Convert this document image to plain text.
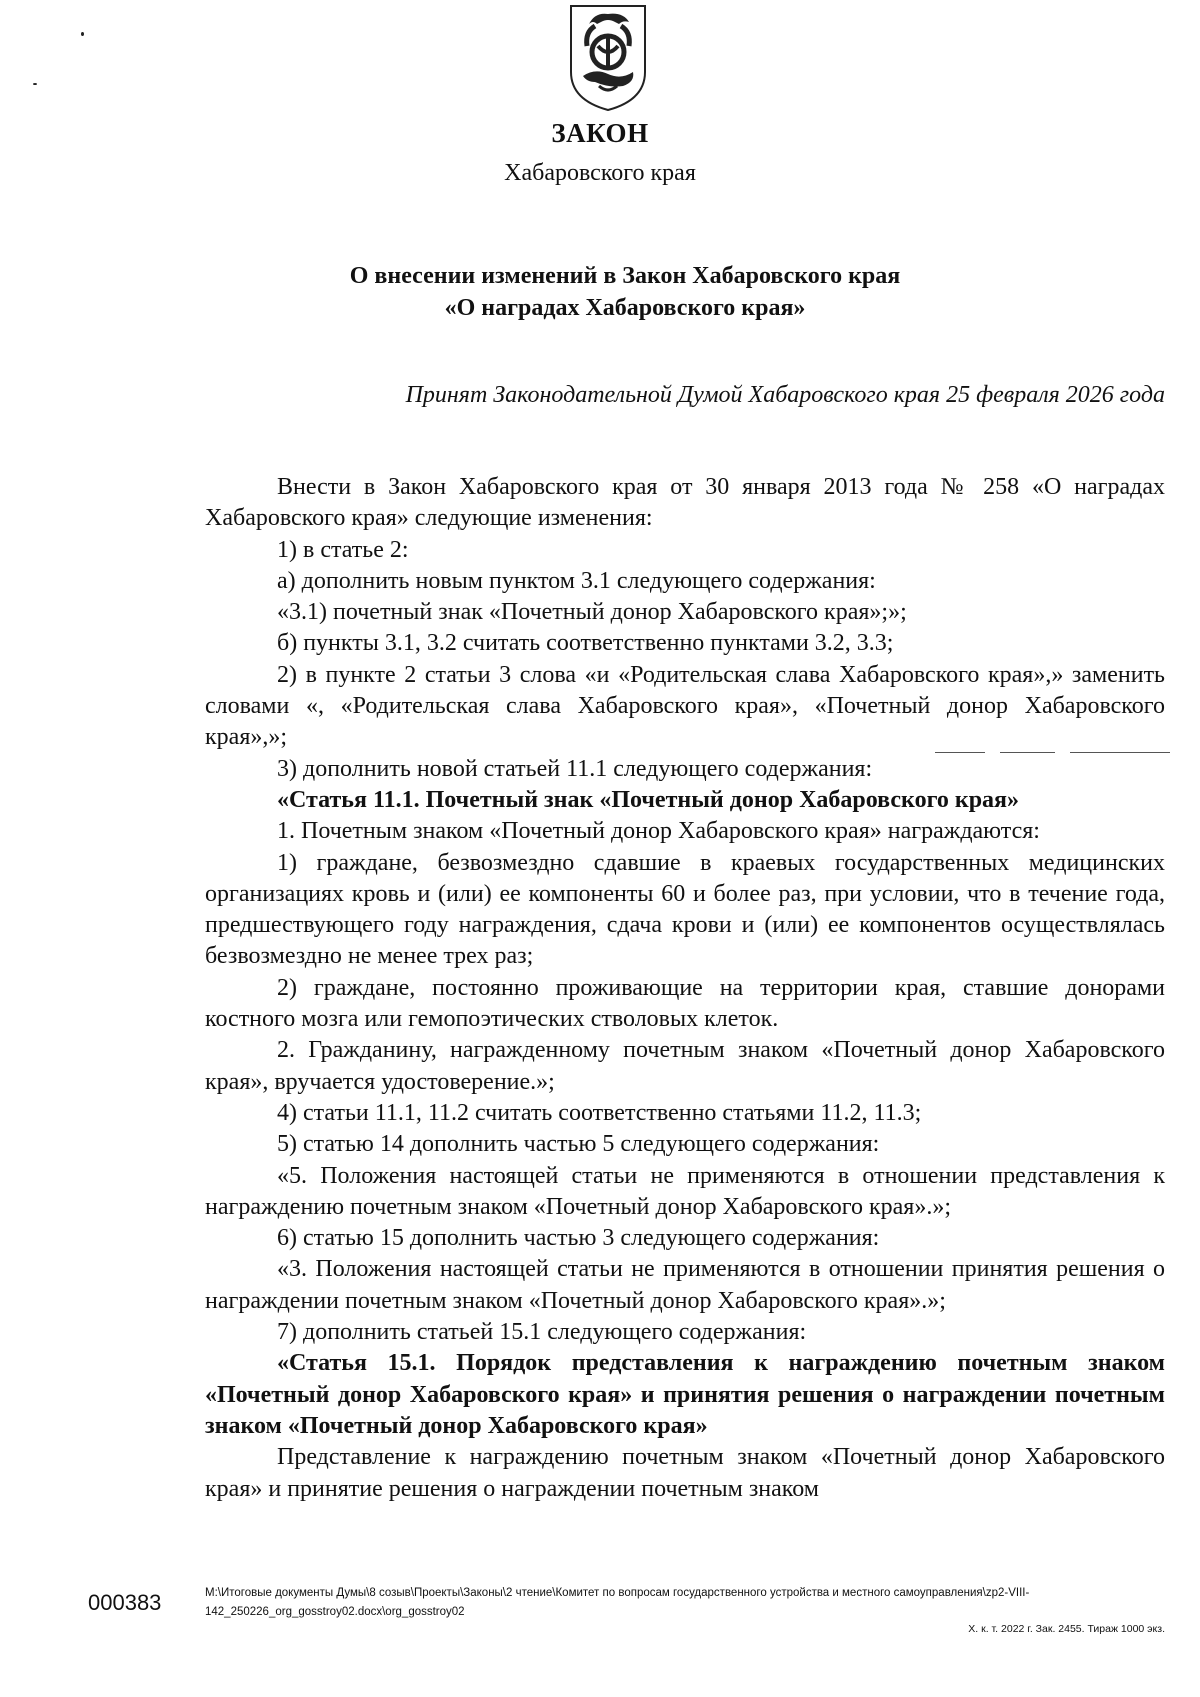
ЗАКОН
Хабаровского края
О внесении изменений в Закон Хабаровского края
«О наградах Хабаровского края»
Принят Законодательной Думой Хабаровского края 25 февраля 2026 года

Внести в Закон Хабаровского края от 30 января 2013 года № 258 «О наградах Хабаровского края» следующие изменения:

1) в статье 2:

а) дополнить новым пунктом 3.1 следующего содержания:

«3.1) почетный знак «Почетный донор Хабаровского края»;»;

б) пункты 3.1, 3.2 считать соответственно пунктами 3.2, 3.3;

2) в пункте 2 статьи 3 слова «и «Родительская слава Хабаровского края»,» заменить словами «, «Родительская слава Хабаровского края», «Почетный донор Хабаровского края»,»;

3) дополнить новой статьей 11.1 следующего содержания:

«Статья 11.1. Почетный знак «Почетный донор Хабаровского края»

1. Почетным знаком «Почетный донор Хабаровского края» награждаются:

1) граждане, безвозмездно сдавшие в краевых государственных медицинских организациях кровь и (или) ее компоненты 60 и более раз, при условии, что в течение года, предшествующего году награждения, сдача крови и (или) ее компонентов осуществлялась безвозмездно не менее трех раз;

2) граждане, постоянно проживающие на территории края, ставшие донорами костного мозга или гемопоэтических стволовых клеток.

2. Гражданину, награжденному почетным знаком «Почетный донор Хабаровского края», вручается удостоверение.»;

4) статьи 11.1, 11.2 считать соответственно статьями 11.2, 11.3;

5) статью 14 дополнить частью 5 следующего содержания:

«5. Положения настоящей статьи не применяются в отношении представления к награждению почетным знаком «Почетный донор Хабаровского края».»;

6) статью 15 дополнить частью 3 следующего содержания:

«3. Положения настоящей статьи не применяются в отношении принятия решения о награждении почетным знаком «Почетный донор Хабаровского края».»;

7) дополнить статьей 15.1 следующего содержания:

«Статья 15.1. Порядок представления к награждению почетным знаком «Почетный донор Хабаровского края» и принятия решения о награждении почетным знаком «Почетный донор Хабаровского края»

Представление к награждению почетным знаком «Почетный донор Хабаровского края» и принятие решения о награждении почетным знаком

000383	M:\Итоговые документы Думы\8 созыв\Проекты\Законы\2 чтение\Комитет по вопросам государственного устройства и местного самоуправления\zp2-VIII-
142_250226_org_gosstroy02.docx\org_gosstroy02
Х. к. т. 2022 г. Зак. 2455. Тираж 1000 экз.
